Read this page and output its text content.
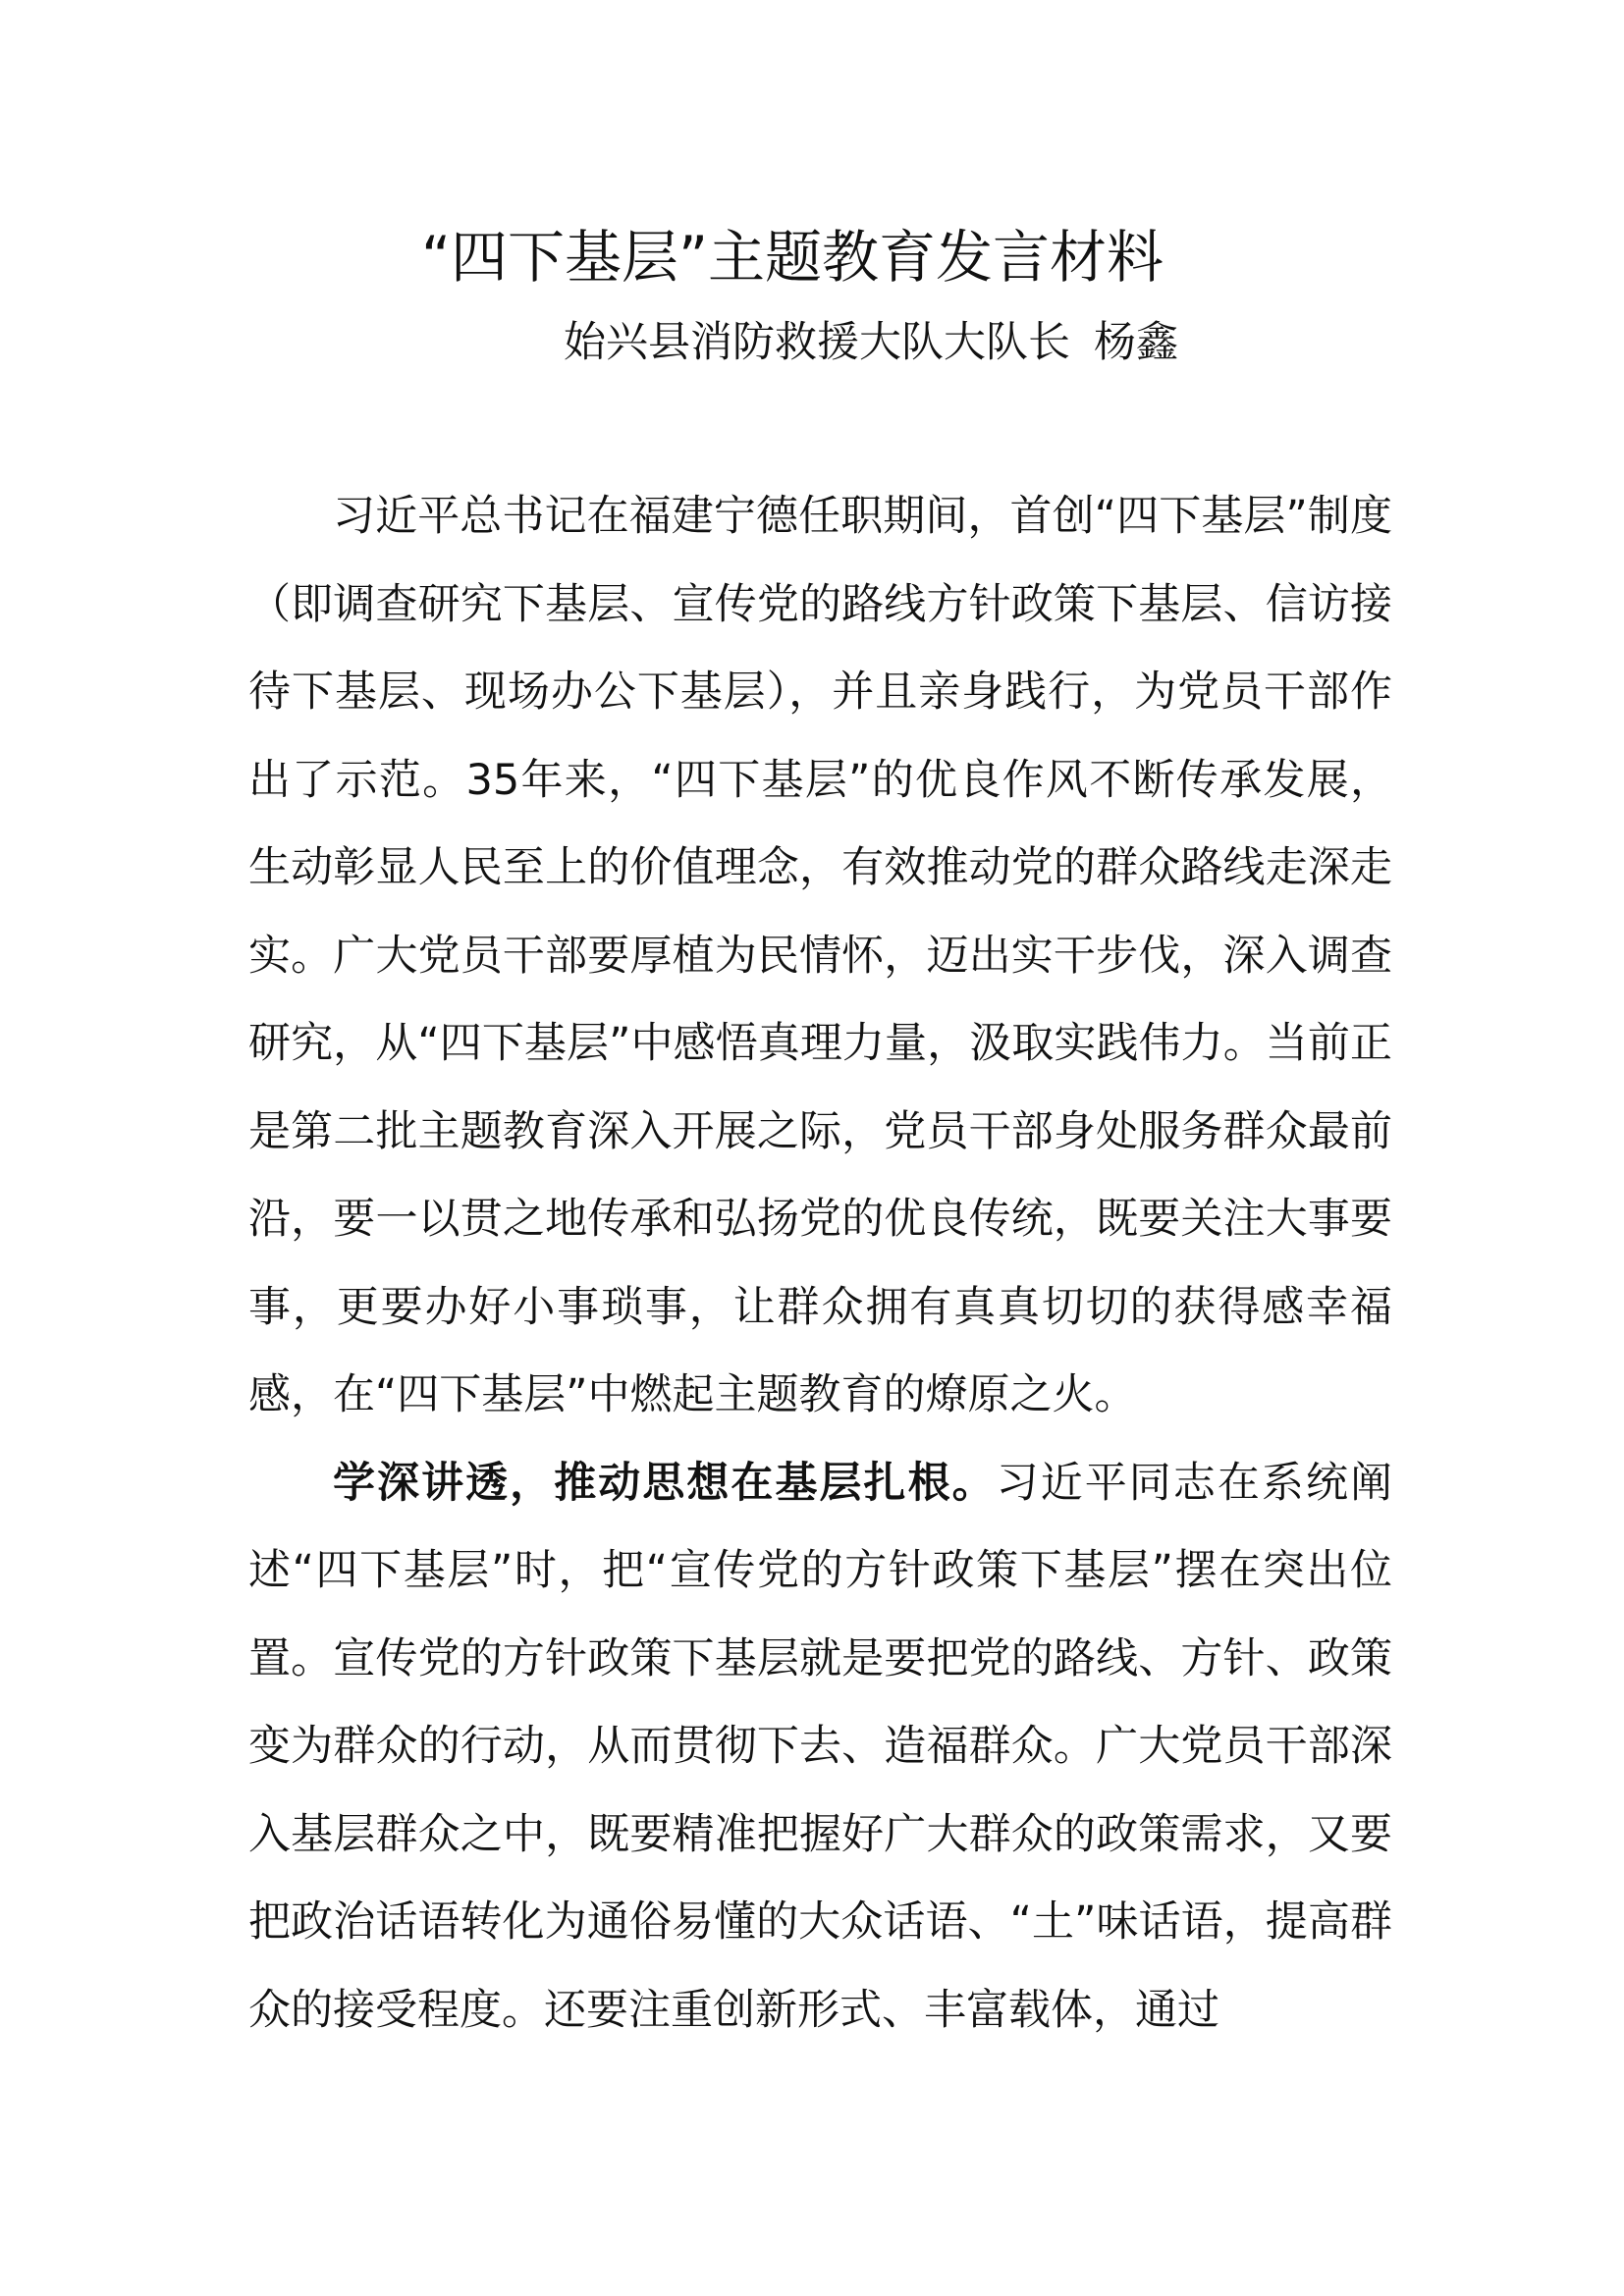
“四下基层”主题教育发言材料
始兴县消防救援大队大队长 杨鑫

习近平总书记在福建宁德任职期间，首创“四下基层”制度（即调查研究下基层、宣传党的路线方针政策下基层、信访接待下基层、现场办公下基层），并且亲身践行，为党员干部作出了示范。35年来，“四下基层”的优良作风不断传承发展，生动彰显人民至上的价值理念，有效推动党的群众路线走深走实。广大党员干部要厚植为民情怀，迈出实干步伐，深入调查研究，从“四下基层”中感悟真理力量，汲取实践伟力。当前正是第二批主题教育深入开展之际，党员干部身处服务群众最前沿，要一以贯之地传承和弘扬党的优良传统，既要关注大事要事，更要办好小事琐事，让群众拥有真真切切的获得感幸福感，在“四下基层”中燃起主题教育的燎原之火。

学深讲透，推动思想在基层扎根。习近平同志在系统阐述“四下基层”时，把“宣传党的方针政策下基层”摆在突出位置。宣传党的方针政策下基层就是要把党的路线、方针、政策变为群众的行动，从而贯彻下去、造福群众。广大党员干部深入基层群众之中，既要精准把握好广大群众的政策需求，又要把政治话语转化为通俗易懂的大众话语、“土”味话语，提高群众的接受程度。还要注重创新形式、丰富载体，通过
